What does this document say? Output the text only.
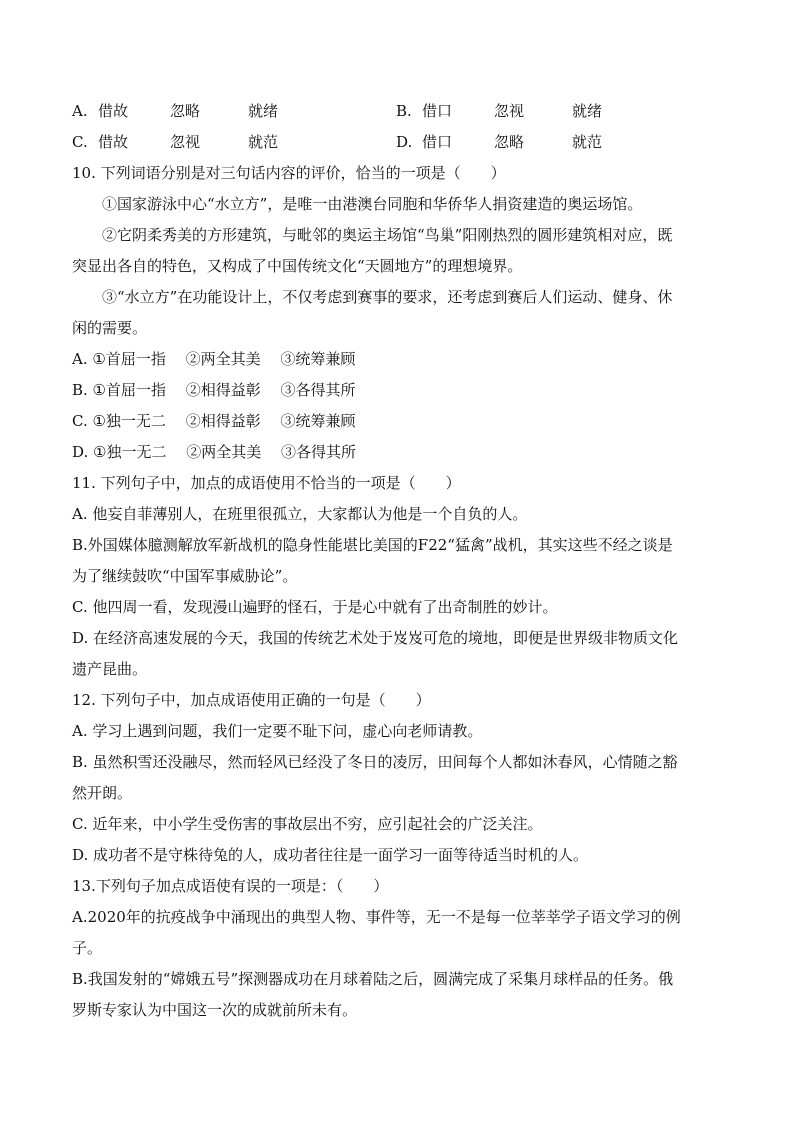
A. 借故	忽略	就绪	B. 借口	忽视	就绪
C. 借故	忽视	就范	D. 借口	忽略	就范
10. 下列词语分别是对三句话内容的评价，恰当的一项是（　　）
①国家游泳中心“水立方”，是唯一由港澳台同胞和华侨华人捐资建造的奥运场馆。
②它阴柔秀美的方形建筑，与毗邻的奥运主场馆“鸟巢”阳刚热烈的圆形建筑相对应，既
突显出各自的特色，又构成了中国传统文化“天圆地方”的理想境界。
③“水立方”在功能设计上，不仅考虑到赛事的要求，还考虑到赛后人们运动、健身、休
闲的需要。
A. ①首屈一指　 ②两全其美　 ③统筹兼顾
B. ①首屈一指　 ②相得益彰　 ③各得其所
C. ①独一无二　 ②相得益彰　 ③统筹兼顾
D. ①独一无二　 ②两全其美　 ③各得其所
11. 下列句子中，加点的成语使用不恰当的一项是（　　）
A. 他妄自菲薄别人，在班里很孤立，大家都认为他是一个自负的人。
B.外国媒体臆测解放军新战机的隐身性能堪比美国的F22“猛禽”战机，其实这些不经之谈是
为了继续鼓吹“中国军事威胁论”。
C. 他四周一看，发现漫山遍野的怪石，于是心中就有了出奇制胜的妙计。
D. 在经济高速发展的今天，我国的传统艺术处于岌岌可危的境地，即便是世界级非物质文化
遗产昆曲。
12. 下列句子中，加点成语使用正确的一句是（　　）
A. 学习上遇到问题，我们一定要不耻下问，虚心向老师请教。
B. 虽然积雪还没融尽，然而轻风已经没了冬日的凌厉，田间每个人都如沐春风，心情随之豁
然开朗。
C. 近年来，中小学生受伤害的事故层出不穷，应引起社会的广泛关注。
D. 成功者不是守株待兔的人，成功者往往是一面学习一面等待适当时机的人。
13.下列句子加点成语使有误的一项是：（　　）
A.2020年的抗疫战争中涌现出的典型人物、事件等，无一不是每一位莘莘学子语文学习的例
子。
B.我国发射的“嫦娥五号”探测器成功在月球着陆之后，圆满完成了采集月球样品的任务。俄
罗斯专家认为中国这一次的成就前所未有。
